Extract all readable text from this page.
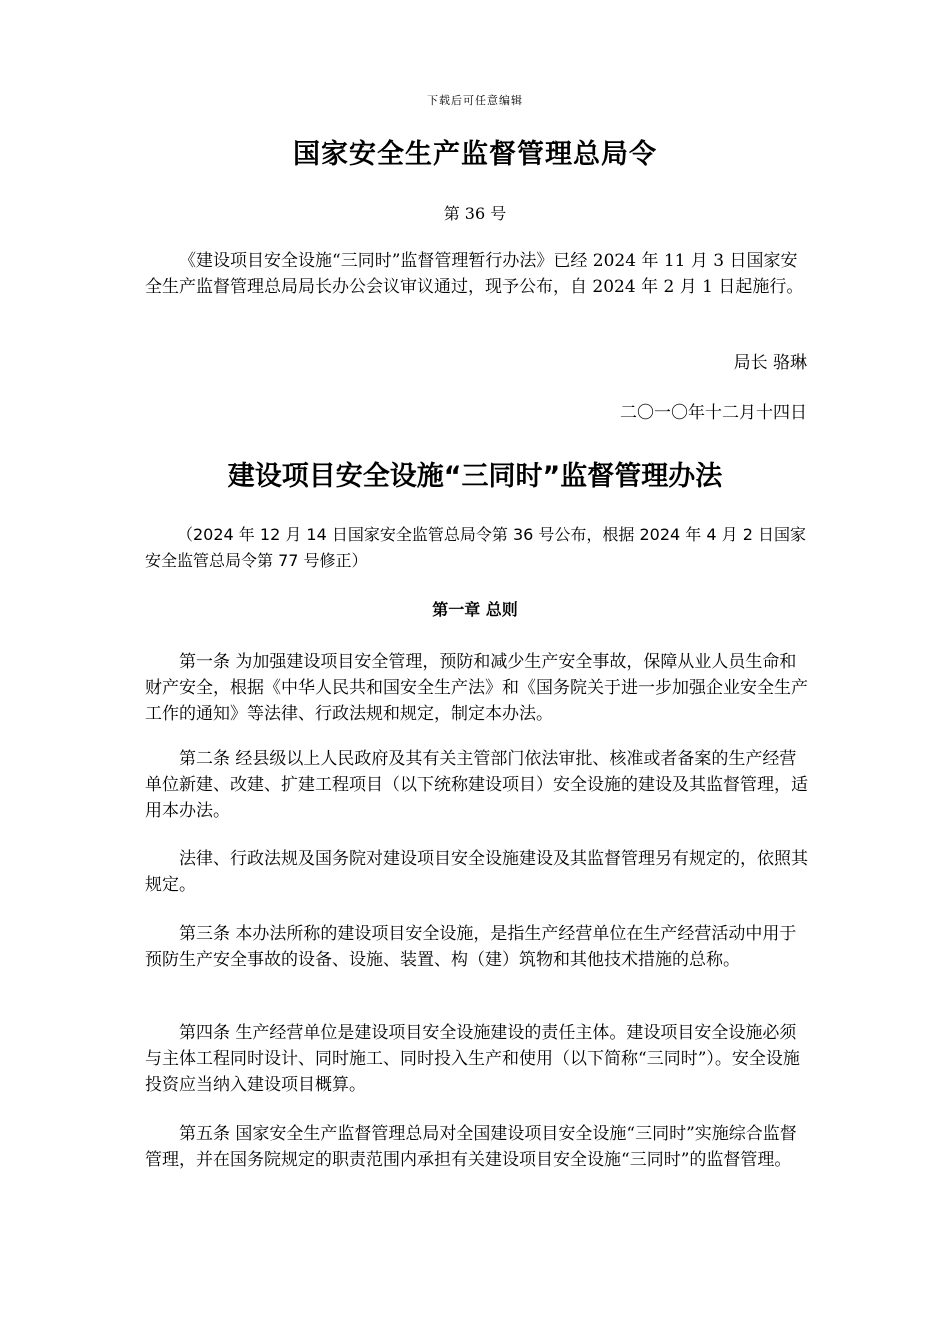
下载后可任意编辑
国家安全生产监督管理总局令
第 36 号
《建设项目安全设施“三同时”监督管理暂行办法》已经 2024 年 11 月 3 日国家安全生产监督管理总局局长办公会议审议通过，现予公布，自 2024 年 2 月 1 日起施行。
局长 骆琳
二〇一〇年十二月十四日
建设项目安全设施“三同时”监督管理办法
（2024 年 12 月 14 日国家安全监管总局令第 36 号公布，根据 2024 年 4 月 2 日国家安全监管总局令第 77 号修正）
第一章 总则
第一条 为加强建设项目安全管理，预防和减少生产安全事故，保障从业人员生命和财产安全，根据《中华人民共和国安全生产法》和《国务院关于进一步加强企业安全生产工作的通知》等法律、行政法规和规定，制定本办法。
第二条 经县级以上人民政府及其有关主管部门依法审批、核准或者备案的生产经营单位新建、改建、扩建工程项目（以下统称建设项目）安全设施的建设及其监督管理，适用本办法。
法律、行政法规及国务院对建设项目安全设施建设及其监督管理另有规定的，依照其规定。
第三条 本办法所称的建设项目安全设施，是指生产经营单位在生产经营活动中用于预防生产安全事故的设备、设施、装置、构（建）筑物和其他技术措施的总称。
第四条 生产经营单位是建设项目安全设施建设的责任主体。建设项目安全设施必须与主体工程同时设计、同时施工、同时投入生产和使用（以下简称“三同时”）。安全设施投资应当纳入建设项目概算。
第五条 国家安全生产监督管理总局对全国建设项目安全设施“三同时”实施综合监督管理，并在国务院规定的职责范围内承担有关建设项目安全设施“三同时”的监督管理。
